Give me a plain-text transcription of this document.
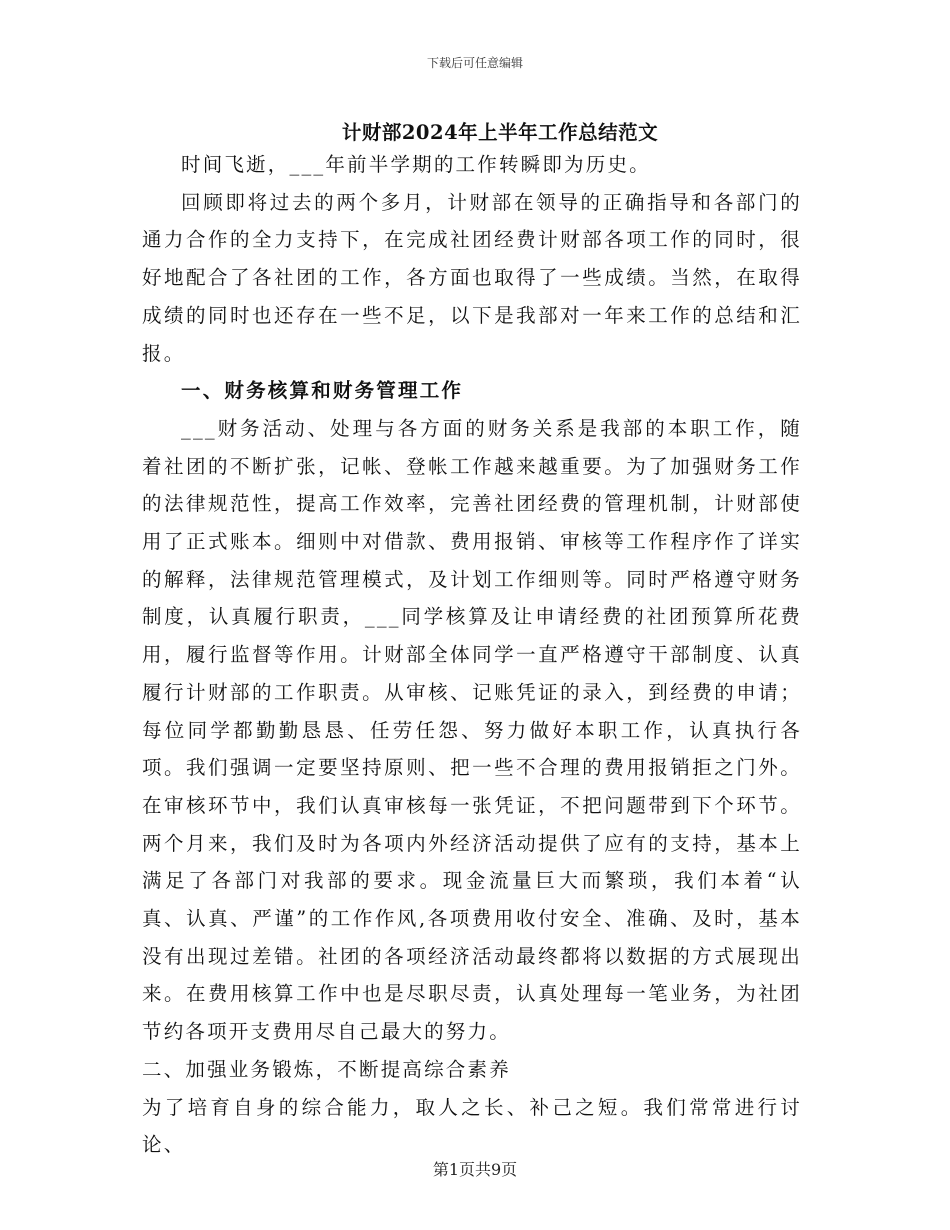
下载后可任意编辑
计财部2024年上半年工作总结范文

时间飞逝，___年前半学期的工作转瞬即为历史。

回顾即将过去的两个多月，计财部在领导的正确指导和各部门的通力合作的全力支持下，在完成社团经费计财部各项工作的同时，很好地配合了各社团的工作，各方面也取得了一些成绩。当然，在取得成绩的同时也还存在一些不足，以下是我部对一年来工作的总结和汇报。

一、财务核算和财务管理工作

___财务活动、处理与各方面的财务关系是我部的本职工作，随着社团的不断扩张，记帐、登帐工作越来越重要。为了加强财务工作的法律规范性，提高工作效率，完善社团经费的管理机制，计财部使用了正式账本。细则中对借款、费用报销、审核等工作程序作了详实的解释，法律规范管理模式，及计划工作细则等。同时严格遵守财务制度，认真履行职责，___同学核算及让申请经费的社团预算所花费用，履行监督等作用。计财部全体同学一直严格遵守干部制度、认真履行计财部的工作职责。从审核、记账凭证的录入，到经费的申请；每位同学都勤勤恳恳、任劳任怨、努力做好本职工作，认真执行各项。我们强调一定要坚持原则、把一些不合理的费用报销拒之门外。在审核环节中，我们认真审核每一张凭证，不把问题带到下个环节。两个月来，我们及时为各项内外经济活动提供了应有的支持，基本上满足了各部门对我部的要求。现金流量巨大而繁琐，我们本着“认真、认真、严谨”的工作作风,各项费用收付安全、准确、及时，基本没有出现过差错。社团的各项经济活动最终都将以数据的方式展现出来。在费用核算工作中也是尽职尽责，认真处理每一笔业务，为社团节约各项开支费用尽自己最大的努力。

二、加强业务锻炼，不断提高综合素养

为了培育自身的综合能力，取人之长、补己之短。我们常常进行讨论、

第1页共9页
